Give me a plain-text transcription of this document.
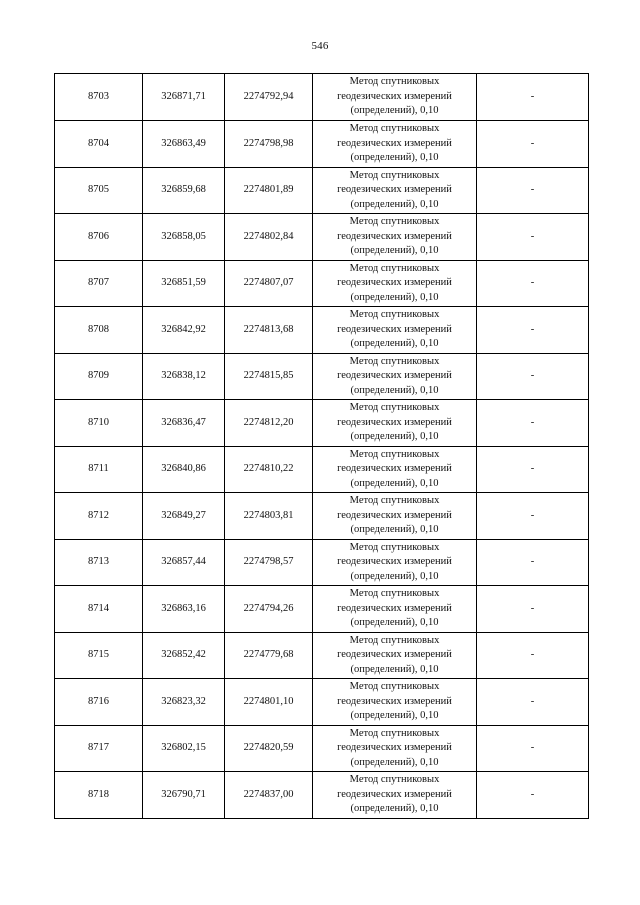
546
8703	326871,71	2274792,94	Метод спутниковых
геодезических измерений
(определений), 0,10	-
8704	326863,49	2274798,98	Метод спутниковых
геодезических измерений
(определений), 0,10	-
8705	326859,68	2274801,89	Метод спутниковых
геодезических измерений
(определений), 0,10	-
8706	326858,05	2274802,84	Метод спутниковых
геодезических измерений
(определений), 0,10	-
8707	326851,59	2274807,07	Метод спутниковых
геодезических измерений
(определений), 0,10	-
8708	326842,92	2274813,68	Метод спутниковых
геодезических измерений
(определений), 0,10	-
8709	326838,12	2274815,85	Метод спутниковых
геодезических измерений
(определений), 0,10	-
8710	326836,47	2274812,20	Метод спутниковых
геодезических измерений
(определений), 0,10	-
8711	326840,86	2274810,22	Метод спутниковых
геодезических измерений
(определений), 0,10	-
8712	326849,27	2274803,81	Метод спутниковых
геодезических измерений
(определений), 0,10	-
8713	326857,44	2274798,57	Метод спутниковых
геодезических измерений
(определений), 0,10	-
8714	326863,16	2274794,26	Метод спутниковых
геодезических измерений
(определений), 0,10	-
8715	326852,42	2274779,68	Метод спутниковых
геодезических измерений
(определений), 0,10	-
8716	326823,32	2274801,10	Метод спутниковых
геодезических измерений
(определений), 0,10	-
8717	326802,15	2274820,59	Метод спутниковых
геодезических измерений
(определений), 0,10	-
8718	326790,71	2274837,00	Метод спутниковых
геодезических измерений
(определений), 0,10	-
